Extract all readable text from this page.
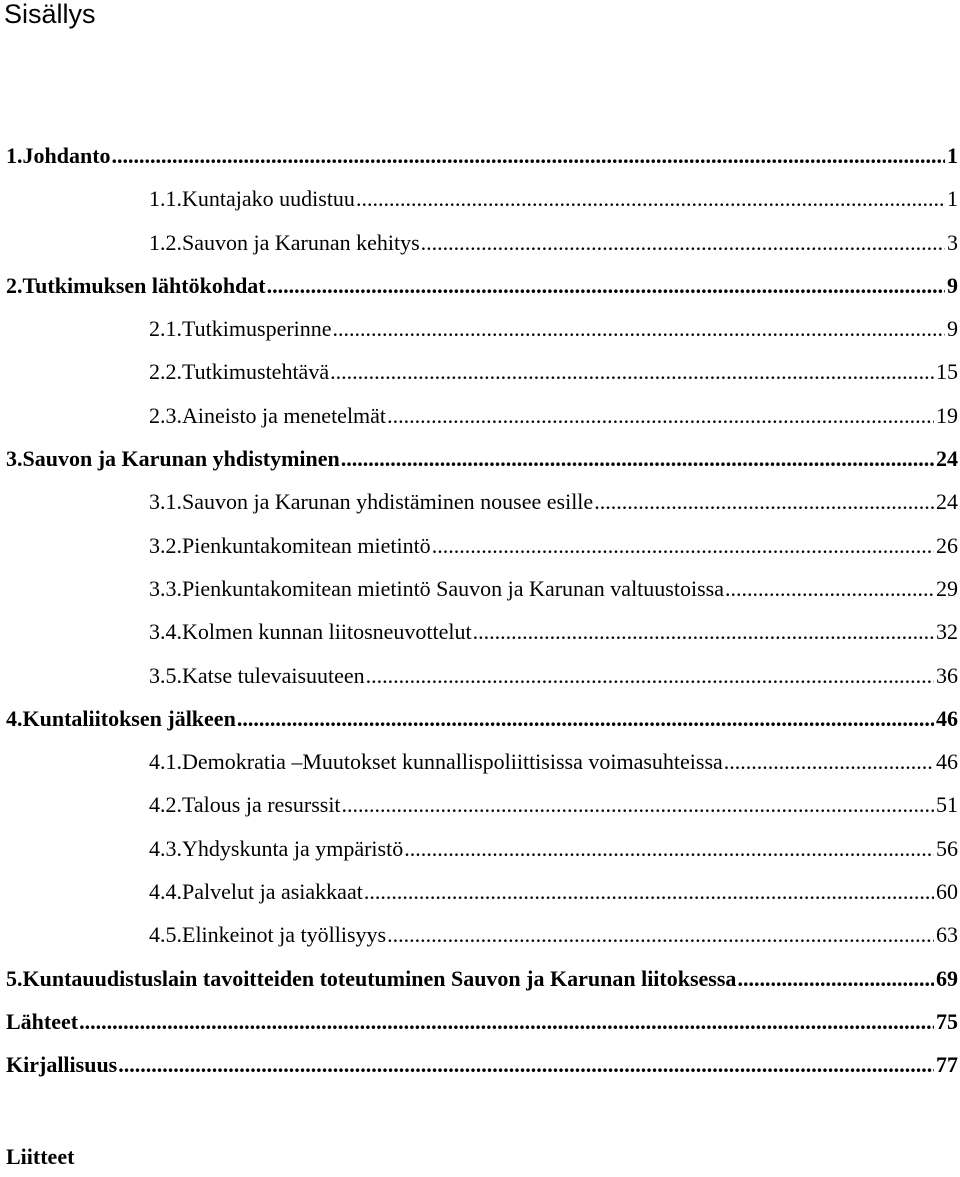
Sisällys
1. Johdanto .....	1
1.1. Kuntajako uudistuu .....	1
1.2. Sauvon ja Karunan kehitys .....	3
2. Tutkimuksen lähtökohdat .....	9
2.1. Tutkimusperinne .....	9
2.2. Tutkimustehtävä .....	15
2.3. Aineisto ja menetelmät .....	19
3. Sauvon ja Karunan yhdistyminen .....	24
3.1. Sauvon ja Karunan yhdistäminen nousee esille .....	24
3.2. Pienkuntakomitean mietintö .....	26
3.3. Pienkuntakomitean mietintö Sauvon ja Karunan valtuustoissa .....	29
3.4. Kolmen kunnan liitosneuvottelut .....	32
3.5. Katse tulevaisuuteen .....	36
4. Kuntaliitoksen jälkeen .....	46
4.1. Demokratia –Muutokset kunnallispoliittisissa voimasuhteissa .....	46
4.2. Talous ja resurssit .....	51
4.3. Yhdyskunta ja ympäristö .....	56
4.4. Palvelut ja asiakkaat .....	60
4.5. Elinkeinot ja työllisyys .....	63
5. Kuntauudistuslain tavoitteiden toteutuminen Sauvon ja Karunan liitoksessa .....	69
Lähteet .....	75
Kirjallisuus .....	77
Liitteet
